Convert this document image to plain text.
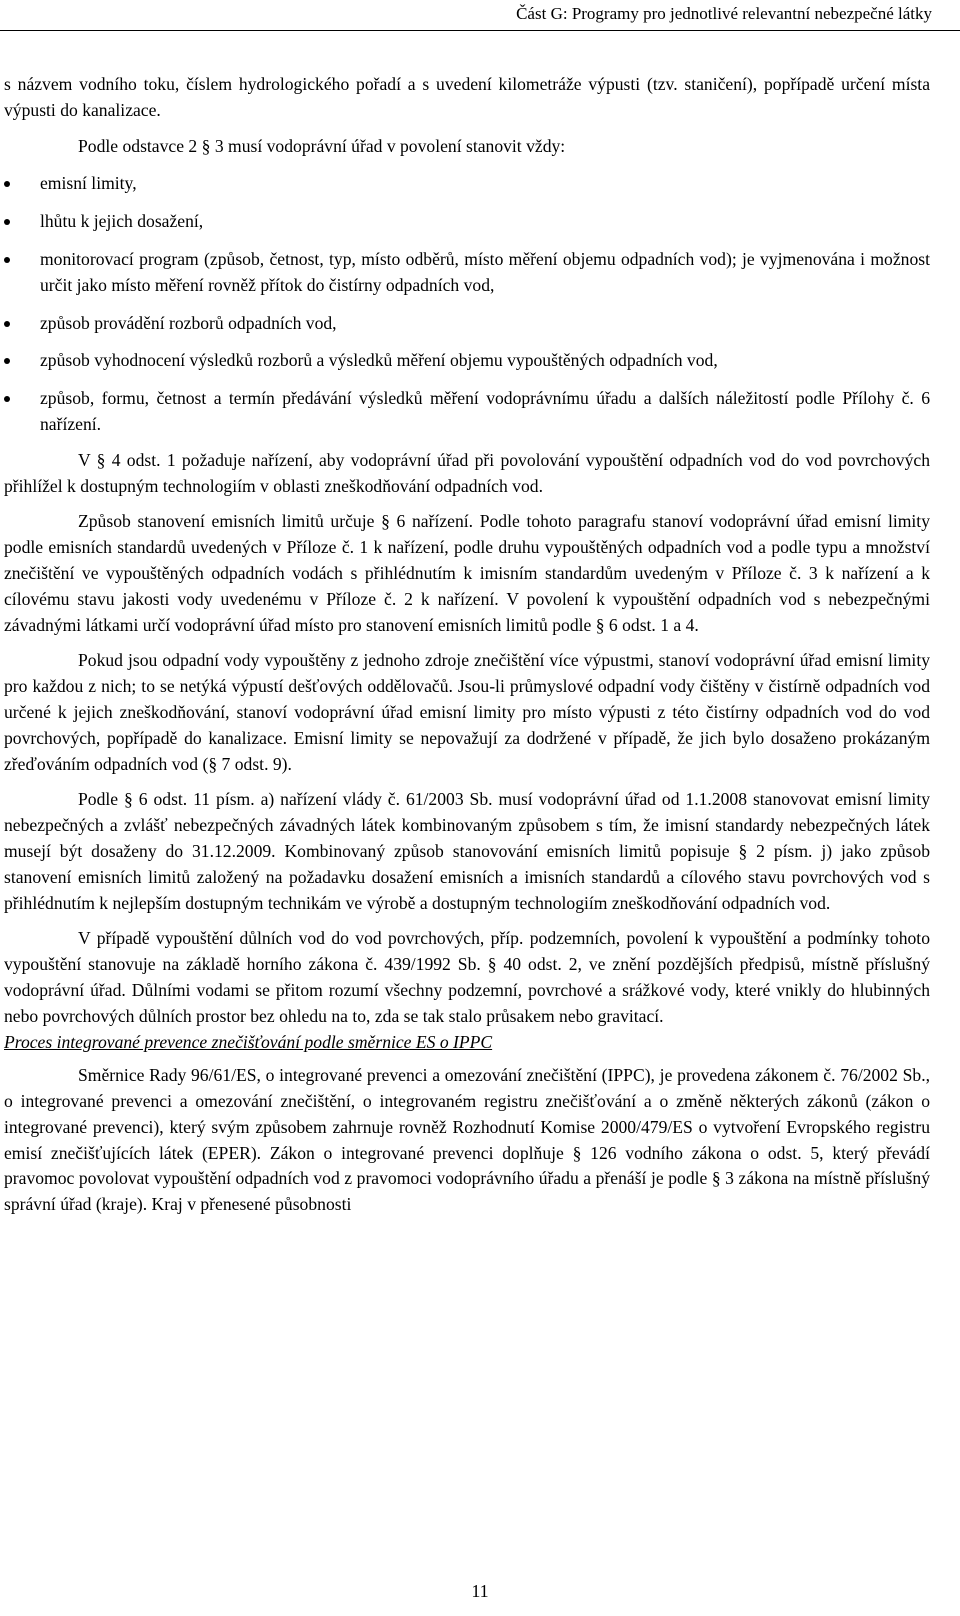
Část G: Programy pro jednotlivé relevantní nebezpečné látky

s názvem vodního toku, číslem hydrologického pořadí a s uvedení kilometráže výpusti (tzv. staničení), popřípadě určení místa výpusti do kanalizace.

Podle odstavce 2 § 3 musí vodoprávní úřad v povolení stanovit vždy:

emisní limity,
lhůtu k jejich dosažení,
monitorovací program (způsob, četnost, typ, místo odběrů, místo měření objemu odpadních vod); je vyjmenována i možnost určit jako místo měření rovněž přítok do čistírny odpadních vod,
způsob provádění rozborů odpadních vod,
způsob vyhodnocení výsledků rozborů a výsledků měření objemu vypouštěných odpadních vod,
způsob, formu, četnost a termín předávání výsledků měření vodoprávnímu úřadu a dalších náležitostí podle Přílohy č. 6 nařízení.

V § 4 odst. 1 požaduje nařízení, aby vodoprávní úřad při povolování vypouštění odpadních vod do vod povrchových přihlížel k dostupným technologiím v oblasti zneškodňování odpadních vod.

Způsob stanovení emisních limitů určuje § 6 nařízení. Podle tohoto paragrafu stanoví vodoprávní úřad emisní limity podle emisních standardů uvedených v Příloze č. 1 k nařízení, podle druhu vypouštěných odpadních vod a podle typu a množství znečištění ve vypouštěných odpadních vodách s přihlédnutím k imisním standardům uvedeným v Příloze č. 3 k nařízení a k cílovému stavu jakosti vody uvedenému v Příloze č. 2 k nařízení. V povolení k vypouštění odpadních vod s nebezpečnými závadnými látkami určí vodoprávní úřad místo pro stanovení emisních limitů podle § 6 odst. 1 a 4.

Pokud jsou odpadní vody vypouštěny z jednoho zdroje znečištění více výpustmi, stanoví vodoprávní úřad emisní limity pro každou z nich; to se netýká výpustí dešťových oddělovačů. Jsou-li průmyslové odpadní vody čištěny v čistírně odpadních vod určené k jejich zneškodňování, stanoví vodoprávní úřad emisní limity pro místo výpusti z této čistírny odpadních vod do vod povrchových, popřípadě do kanalizace. Emisní limity se nepovažují za dodržené v případě, že jich bylo dosaženo prokázaným zřeďováním odpadních vod (§ 7 odst. 9).

Podle § 6 odst. 11 písm. a) nařízení vlády č. 61/2003 Sb. musí vodoprávní úřad od 1.1.2008 stanovovat emisní limity nebezpečných a zvlášť nebezpečných závadných látek kombinovaným způsobem s tím, že imisní standardy nebezpečných látek musejí být dosaženy do 31.12.2009. Kombinovaný způsob stanovování emisních limitů popisuje § 2 písm. j) jako způsob stanovení emisních limitů založený na požadavku dosažení emisních a imisních standardů a cílového stavu povrchových vod s přihlédnutím k nejlepším dostupným technikám ve výrobě a dostupným technologiím zneškodňování odpadních vod.

V případě vypouštění důlních vod do vod povrchových, příp. podzemních, povolení k vypouštění a podmínky tohoto vypouštění stanovuje na základě horního zákona č. 439/1992 Sb. § 40 odst. 2, ve znění pozdějších předpisů, místně příslušný vodoprávní úřad. Důlními vodami se přitom rozumí všechny podzemní, povrchové a srážkové vody, které vnikly do hlubinných nebo povrchových důlních prostor bez ohledu na to, zda se tak stalo průsakem nebo gravitací.

Proces integrované prevence znečišťování podle směrnice ES o IPPC

Směrnice Rady 96/61/ES, o integrované prevenci a omezování znečištění (IPPC), je provedena zákonem č. 76/2002 Sb., o integrované prevenci a omezování znečištění, o integrovaném registru znečišťování a o změně některých zákonů (zákon o integrované prevenci), který svým způsobem zahrnuje rovněž Rozhodnutí Komise 2000/479/ES o vytvoření Evropského registru emisí znečišťujících látek (EPER). Zákon o integrované prevenci doplňuje § 126 vodního zákona o odst. 5, který převádí pravomoc povolovat vypouštění odpadních vod z pravomoci vodoprávního úřadu a přenáší je podle § 3 zákona na místně příslušný správní úřad (kraje). Kraj v přenesené působnosti

11
